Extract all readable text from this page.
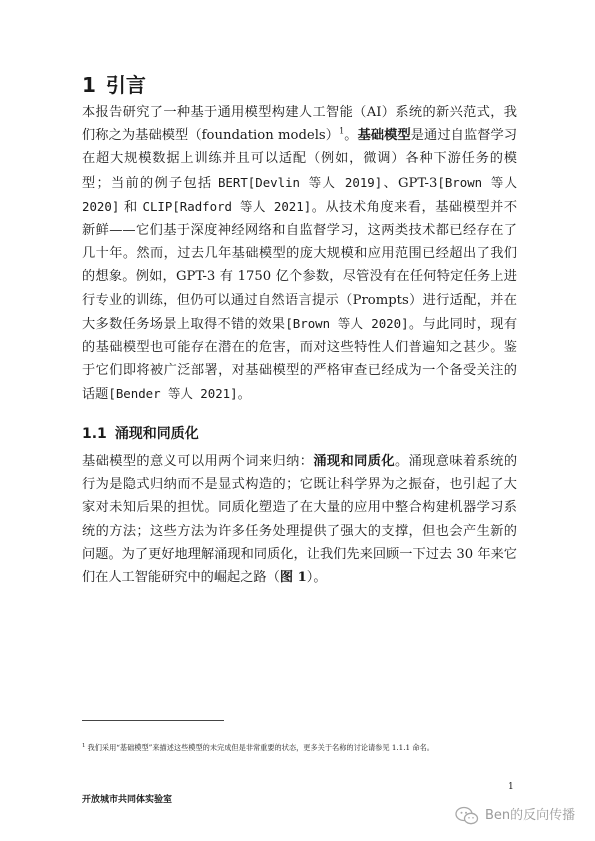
1 引言

本报告研究了一种基于通用模型构建人工智能（AI）系统的新兴范式，我们称之为基础模型（foundation models）$^1$。基础模型是通过自监督学习在超大规模数据上训练并且可以适配（例如，微调）各种下游任务的模型；当前的例子包括 BERT[Devlin 等人 2019]、GPT-3[Brown 等人 2020] 和 CLIP[Radford 等人 2021]。从技术角度来看，基础模型并不新鲜——它们基于深度神经网络和自监督学习，这两类技术都已经存在了几十年。然而，过去几年基础模型的庞大规模和应用范围已经超出了我们的想象。例如，GPT-3 有 1750 亿个参数，尽管没有在任何特定任务上进行专业的训练，但仍可以通过自然语言提示（Prompts）进行适配，并在大多数任务场景上取得不错的效果[Brown 等人 2020]。与此同时，现有的基础模型也可能存在潜在的危害，而对这些特性人们普遍知之甚少。鉴于它们即将被广泛部署，对基础模型的严格审查已经成为一个备受关注的话题[Bender 等人 2021]。

1.1 涌现和同质化

基础模型的意义可以用两个词来归纳：涌现和同质化。涌现意味着系统的行为是隐式归纳而不是显式构造的；它既让科学界为之振奋，也引起了大家对未知后果的担忧。同质化塑造了在大量的应用中整合构建机器学习系统的方法；这些方法为许多任务处理提供了强大的支撑，但也会产生新的问题。为了更好地理解涌现和同质化，让我们先来回顾一下过去 30 年来它们在人工智能研究中的崛起之路（图 1）。

$^1$ 我们采用“基础模型”来描述这些模型的未完成但是非常重要的状态，更多关于名称的讨论请参见 1.1.1 命名。

1
开放城市共同体实验室
Ben的反向传播
